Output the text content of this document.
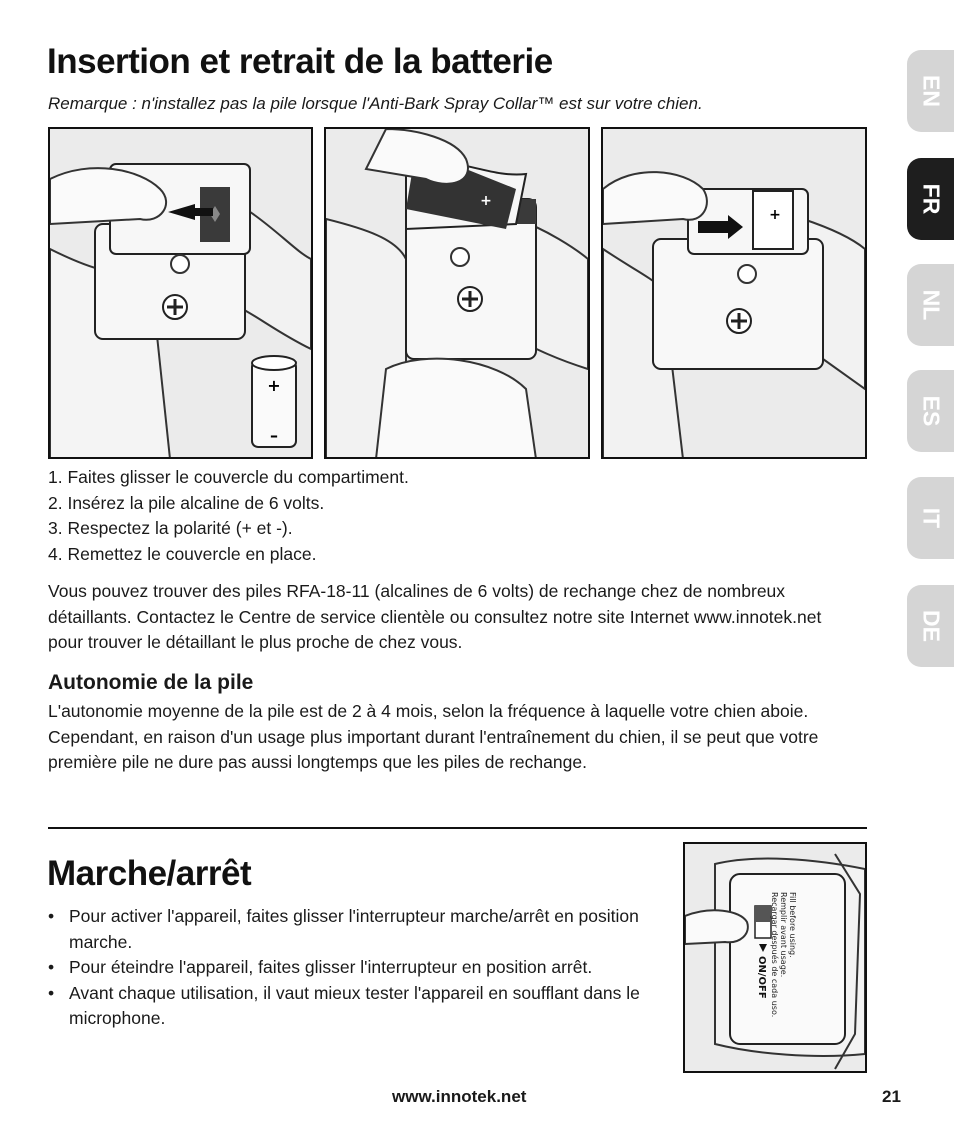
Insertion et retrait de la batterie
Remarque : n'installez pas la pile lorsque l'Anti-Bark Spray Collar™ est sur votre chien.
+
–
+
+
1. Faites glisser le couvercle du compartiment.
2. Insérez la pile alcaline de 6 volts.
3. Respectez la polarité (+ et -).
4. Remettez le couvercle en place.

Vous pouvez trouver des piles RFA-18-11 (alcalines de 6 volts) de rechange chez de nombreux détaillants. Contactez le Centre de service clientèle ou consultez notre site Internet www.innotek.net pour trouver le détaillant le plus proche de chez vous.

Autonomie de la pile

L'autonomie moyenne de la pile est de 2 à 4 mois, selon la fréquence à laquelle votre chien aboie. Cependant, en raison d'un usage plus important durant l'entraînement du chien, il se peut que votre première pile ne dure pas aussi longtemps que les piles de rechange.

Marche/arrêt
• Pour activer l'appareil, faites glisser l'interrupteur marche/arrêt en position marche.
• Pour éteindre l'appareil, faites glisser l'interrupteur en position arrêt.
• Avant chaque utilisation, il vaut mieux tester l'appareil en soufflant dans le microphone.
Fill before using.
Remplir avant usage.
Recargar después de cada uso.
ON/OFF
www.innotek.net	21
EN
FR
NL
ES
IT
DE
